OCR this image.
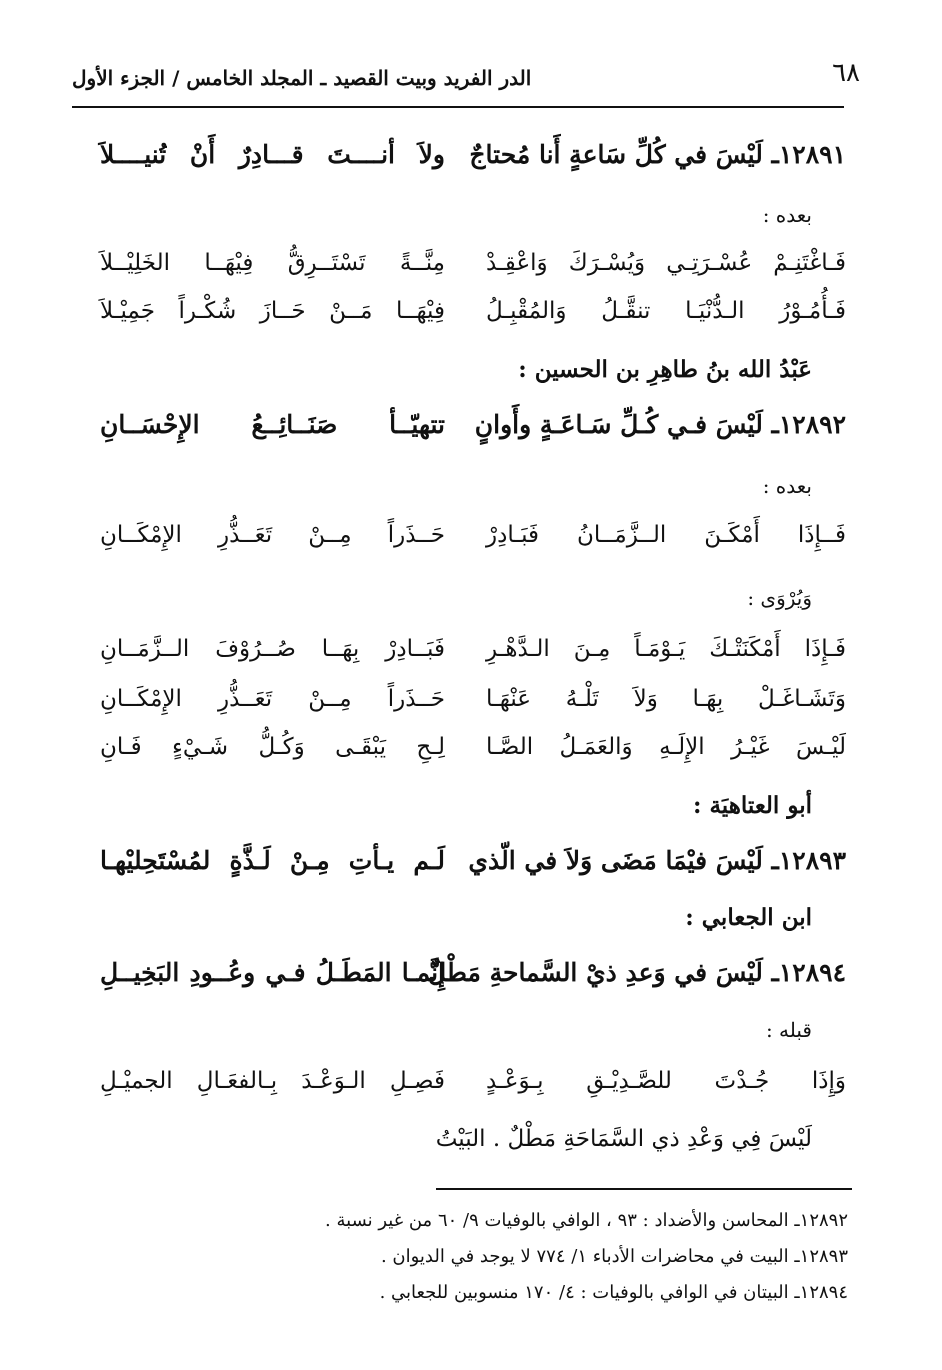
٦٨
الدر الفريد وبيت القصيد ـ المجلد الخامس / الجزء الأول
١٢٨٩١ـ لَيْسَ في كُلِّ سَاعةٍ أَنا مُحتاجٌ
ولاَ أنــــتَ قـــادِرٌ أَنْ تُنيــــلاَ
بعده :
فَـاغْتَنِـمْ عُسْـرَتِـي وَيُسْـرَكَ وَاعْقِـدْ
مِنَّــةً تَسْتَــرِقُّ فِيْهَــا الخَلِيْــلاَ
فَـأُمُـوْرُ الـدُّنْيَـا تنقَّـلُ وَالمُقْبِـلُ
فِيْهَــا مَــنْ حَــازَ شُكْـراً جَمِيْـلاَ
عَبْدُ الله بنُ طاهِرِ بن الحسين :
١٢٨٩٢ـ لَيْسَ فـي كُـلِّ سَـاعَـةٍ وأَوانٍ
تتهيّــأ صَنَــائِــعُ الإِحْسَــانِ
بعده :
فَــإِذَا أَمْكَـنَ الــزَّمَــانُ فَبَـادِرْ
حَــذَراً مِــنْ تَعَــذُّرِ الإِمْكَــانِ
وَيُرْوَى :
فَـإِذَا أَمْكَنَتْـكَ يَـوْمَـاً مِـنَ الـدَّهْـرِ
فَبَــادِرْ بِهَــا صُــرُوْفَ الــزَّمَــانِ
وَتَشَـاغَـلْ بِهَـا وَلاَ تَلْـهُ عَنْهَـا
حَــذَراً مِــنْ تَعَــذُّرِ الإِمْكَــانِ
لَيْـسَ غَيْـرُ الإِلَـهِ وَالعَمَـلُ الصَّـا
لِـحِ يَبْقَـى وَكُـلُّ شَـيْءٍ فَـانِ
أبو العتاهيَة :
١٢٨٩٣ـ لَيْسَ فيْمَا مَضَى وَلاَ في الّذي
لَـم يـأتِ مِـنْ لَـذَّةٍ لمُسْتَحِليْهـا
ابن الجعابي :
١٢٨٩٤ـ لَيْسَ في وَعدِ ذيْ السَّماحةِ مَطْلٌ
إِنَّمـا المَطَـلُ فـي وعُــودِ البَخِيــلِ
قبله :
وَإِذَا جُـدْتَ للصَّـدِيْـقِ بِـوَعْـدٍ
فَصِـلِ الـوَعْـدَ بِـالفعَـالِ الجميْـلِ
لَيْسَ فِي وَعْدِ ذي السَّمَاحَةِ مَطْلٌ . البَيْتُ
١٢٨٩٢ـ المحاسن والأضداد : ٩٣ ، الوافي بالوفيات ٩/ ٦٠ من غير نسبة .
١٢٨٩٣ـ البيت في محاضرات الأدباء ١/ ٧٧٤ لا يوجد في الديوان .
١٢٨٩٤ـ البيتان في الوافي بالوفيات : ٤/ ١٧٠ منسوبين للجعابي .
